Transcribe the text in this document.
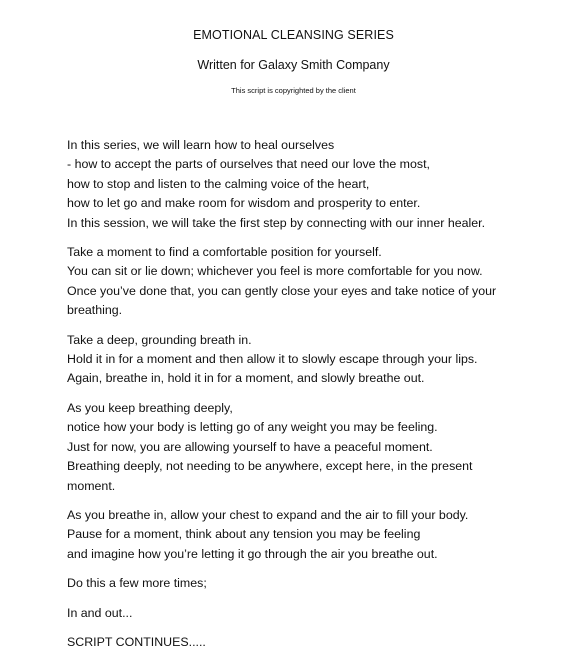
EMOTIONAL CLEANSING SERIES
Written for Galaxy Smith Company
This script is copyrighted by the client

In this series, we will learn how to heal ourselves
- how to accept the parts of ourselves that need our love the most,
how to stop and listen to the calming voice of the heart,
how to let go and make room for wisdom and prosperity to enter.
In this session, we will take the first step by connecting with our inner healer.

Take a moment to find a comfortable position for yourself.
You can sit or lie down; whichever you feel is more comfortable for you now.
Once you’ve done that, you can gently close your eyes and take notice of your
breathing.

Take a deep, grounding breath in.
Hold it in for a moment and then allow it to slowly escape through your lips.
Again, breathe in, hold it in for a moment, and slowly breathe out.

As you keep breathing deeply,
notice how your body is letting go of any weight you may be feeling.
Just for now, you are allowing yourself to have a peaceful moment.
Breathing deeply, not needing to be anywhere, except here, in the present
moment.

As you breathe in, allow your chest to expand and the air to fill your body.
Pause for a moment, think about any tension you may be feeling
and imagine how you’re letting it go through the air you breathe out.

Do this a few more times;

In and out...

SCRIPT CONTINUES.....
